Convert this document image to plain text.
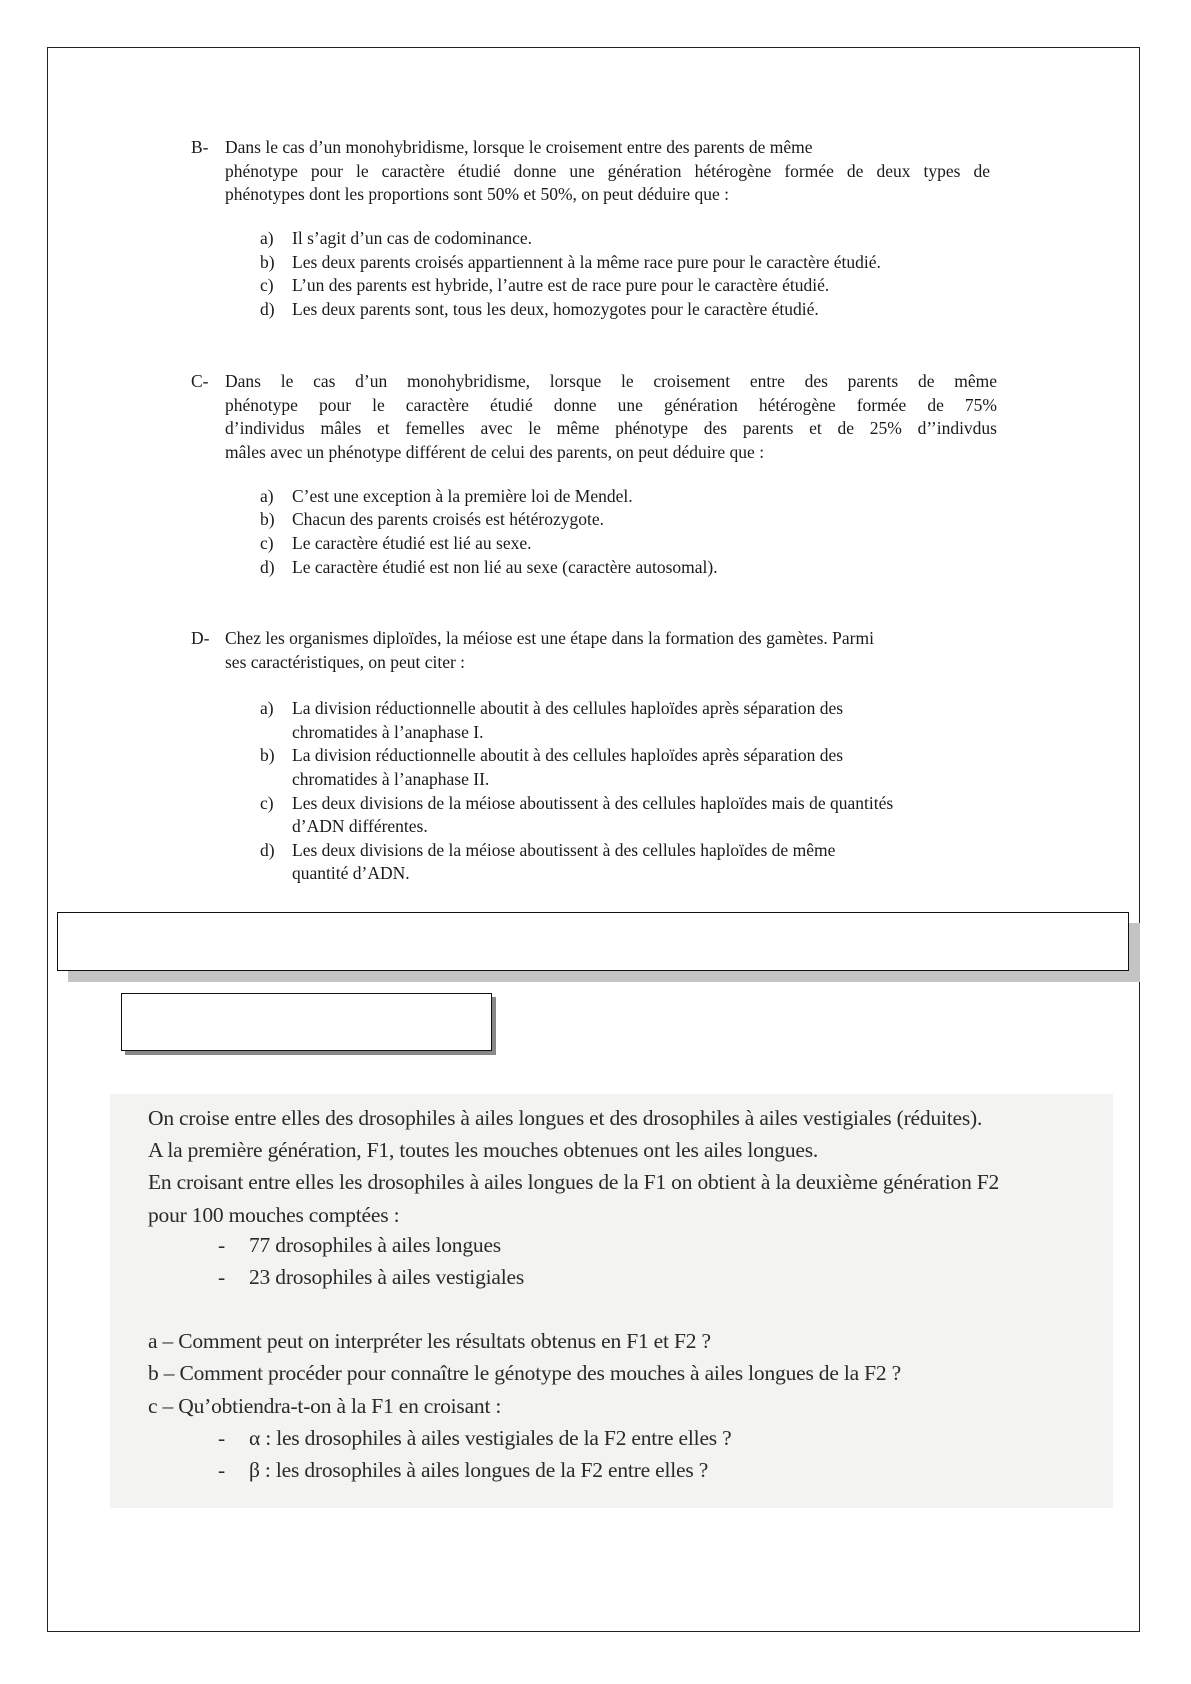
B- Dans le cas d’un monohybridisme, lorsque le croisement entre des parents de même
phénotype pour le caractère étudié donne une génération hétérogène formée de deux types de
phénotypes dont les proportions sont 50% et 50%, on peut déduire que :
a) Il s’agit d’un cas de codominance.
b) Les deux parents croisés appartiennent à la même race pure pour le caractère étudié.
c) L’un des parents est hybride, l’autre est de race pure pour le caractère étudié.
d) Les deux parents sont, tous les deux, homozygotes pour le caractère étudié.
C- Dans le cas d’un monohybridisme, lorsque le croisement entre des parents de même
phénotype pour le caractère étudié donne une génération hétérogène formée de 75%
d’individus mâles et femelles avec le même phénotype des parents et de 25% d’’indivdus
mâles avec un phénotype différent de celui des parents, on peut déduire que :
a) C’est une exception à la première loi de Mendel.
b) Chacun des parents croisés est hétérozygote.
c) Le caractère étudié est lié au sexe.
d) Le caractère étudié est non lié au sexe (caractère autosomal).
D- Chez les organismes diploïdes, la méiose est une étape dans la formation des gamètes. Parmi
ses caractéristiques, on peut citer :
a) La division réductionnelle aboutit à des cellules haploïdes après séparation des
chromatides à l’anaphase I.
b) La division réductionnelle aboutit à des cellules haploïdes après séparation des
chromatides à l’anaphase II.
c) Les deux divisions de la méiose aboutissent à des cellules haploïdes mais de quantités
d’ADN différentes.
d) Les deux divisions de la méiose aboutissent à des cellules haploïdes de même
quantité d’ADN.
On croise entre elles des drosophiles à ailes longues et des drosophiles à ailes vestigiales (réduites).
A la première génération, F1, toutes les mouches obtenues ont les ailes longues.
En croisant entre elles les drosophiles à ailes longues de la F1 on obtient à la deuxième génération F2
pour 100 mouches comptées :
- 77 drosophiles à ailes longues
- 23 drosophiles à ailes vestigiales
a – Comment peut on interpréter les résultats obtenus en F1 et F2 ?
b – Comment procéder pour connaître le génotype des mouches à ailes longues de la F2 ?
c – Qu’obtiendra-t-on à la F1 en croisant :
- α : les drosophiles à ailes vestigiales de la F2 entre elles ?
- β : les drosophiles à ailes longues de la F2 entre elles ?
